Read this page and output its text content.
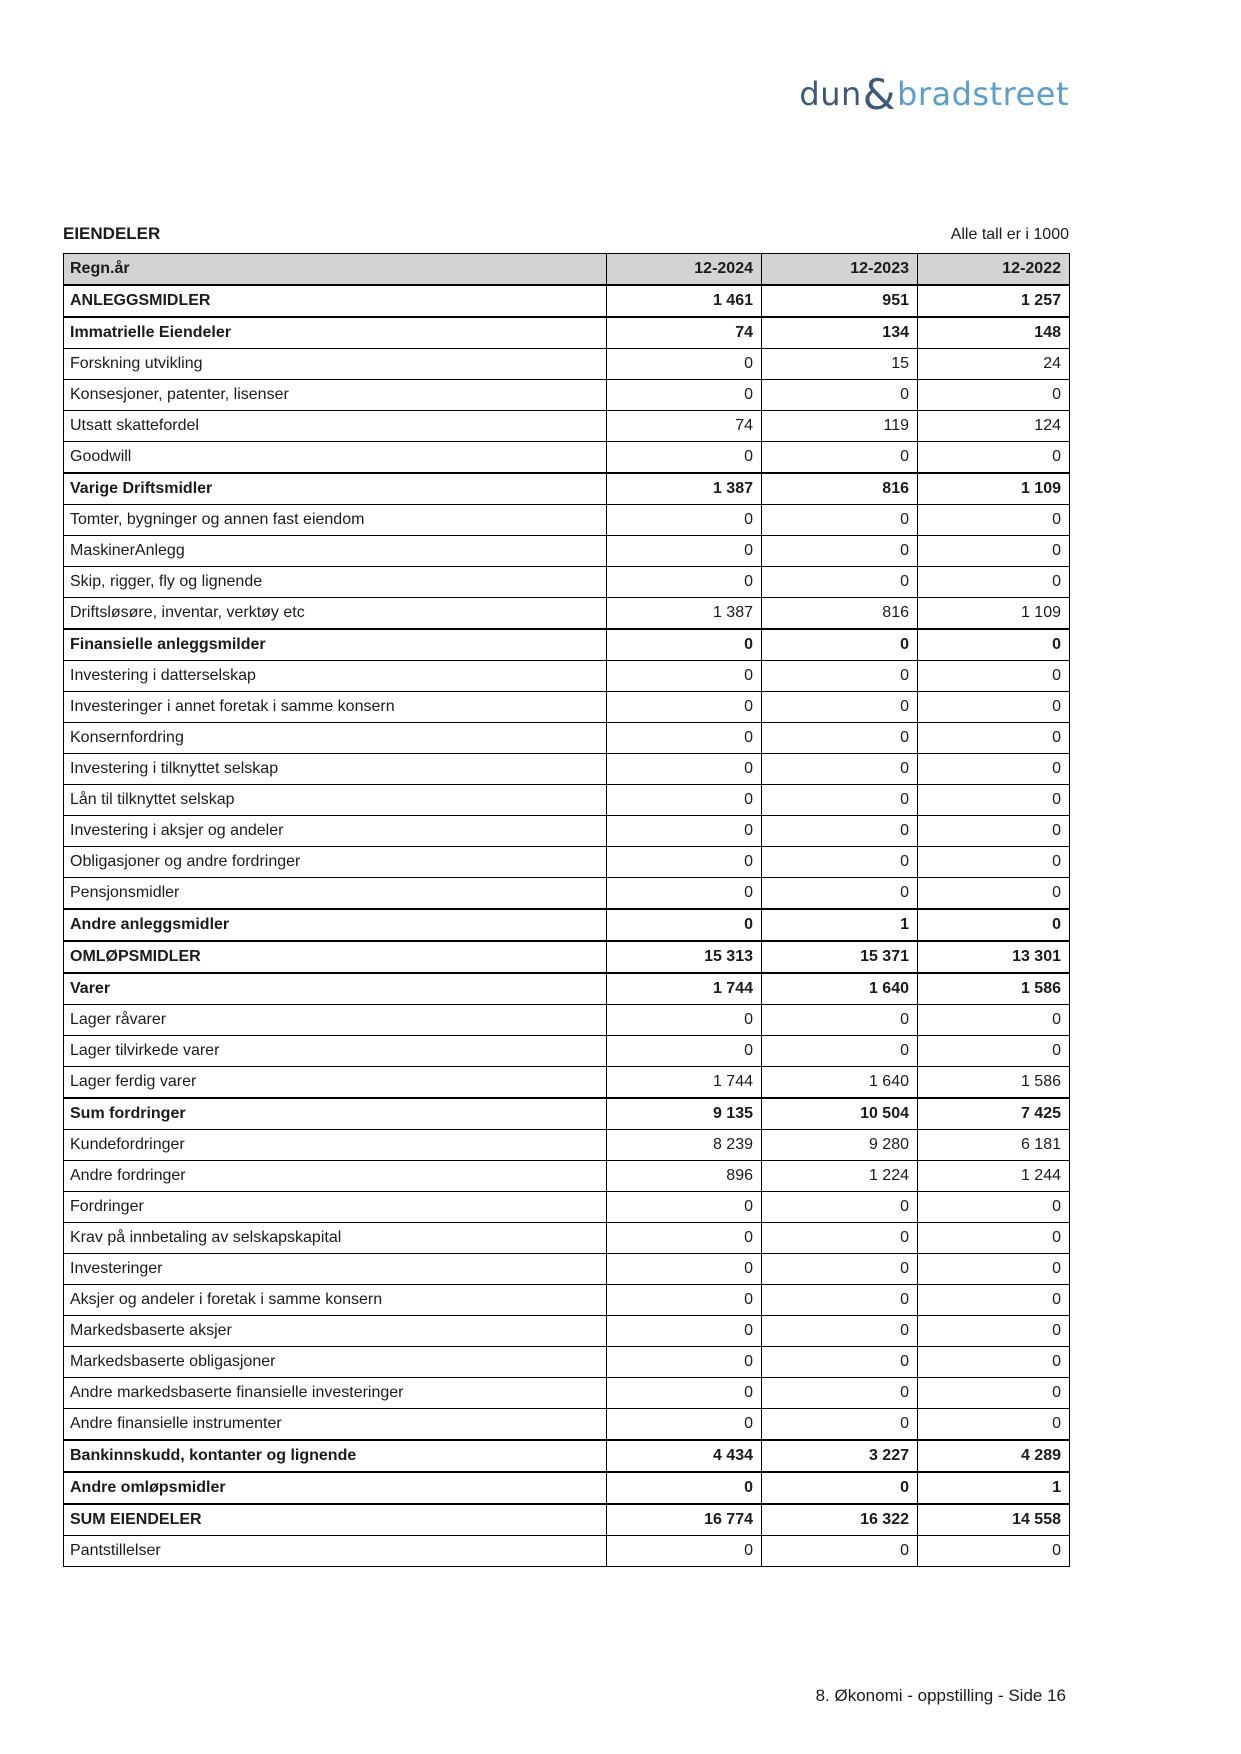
dun&bradstreet
EIENDELER	Alle tall er i 1000
Regn.år	12-2024	12-2023	12-2022
ANLEGGSMIDLER	1 461	951	1 257
Immatrielle Eiendeler	74	134	148
Forskning utvikling	0	15	24
Konsesjoner, patenter, lisenser	0	0	0
Utsatt skattefordel	74	119	124
Goodwill	0	0	0
Varige Driftsmidler	1 387	816	1 109
Tomter, bygninger og annen fast eiendom	0	0	0
MaskinerAnlegg	0	0	0
Skip, rigger, fly og lignende	0	0	0
Driftsløsøre, inventar, verktøy etc	1 387	816	1 109
Finansielle anleggsmilder	0	0	0
Investering i datterselskap	0	0	0
Investeringer i annet foretak i samme konsern	0	0	0
Konsernfordring	0	0	0
Investering i tilknyttet selskap	0	0	0
Lån til tilknyttet selskap	0	0	0
Investering i aksjer og andeler	0	0	0
Obligasjoner og andre fordringer	0	0	0
Pensjonsmidler	0	0	0
Andre anleggsmidler	0	1	0
OMLØPSMIDLER	15 313	15 371	13 301
Varer	1 744	1 640	1 586
Lager råvarer	0	0	0
Lager tilvirkede varer	0	0	0
Lager ferdig varer	1 744	1 640	1 586
Sum fordringer	9 135	10 504	7 425
Kundefordringer	8 239	9 280	6 181
Andre fordringer	896	1 224	1 244
Fordringer	0	0	0
Krav på innbetaling av selskapskapital	0	0	0
Investeringer	0	0	0
Aksjer og andeler i foretak i samme konsern	0	0	0
Markedsbaserte aksjer	0	0	0
Markedsbaserte obligasjoner	0	0	0
Andre markedsbaserte finansielle investeringer	0	0	0
Andre finansielle instrumenter	0	0	0
Bankinnskudd, kontanter og lignende	4 434	3 227	4 289
Andre omløpsmidler	0	0	1
SUM EIENDELER	16 774	16 322	14 558
Pantstillelser	0	0	0
8. Økonomi - oppstilling - Side 16
